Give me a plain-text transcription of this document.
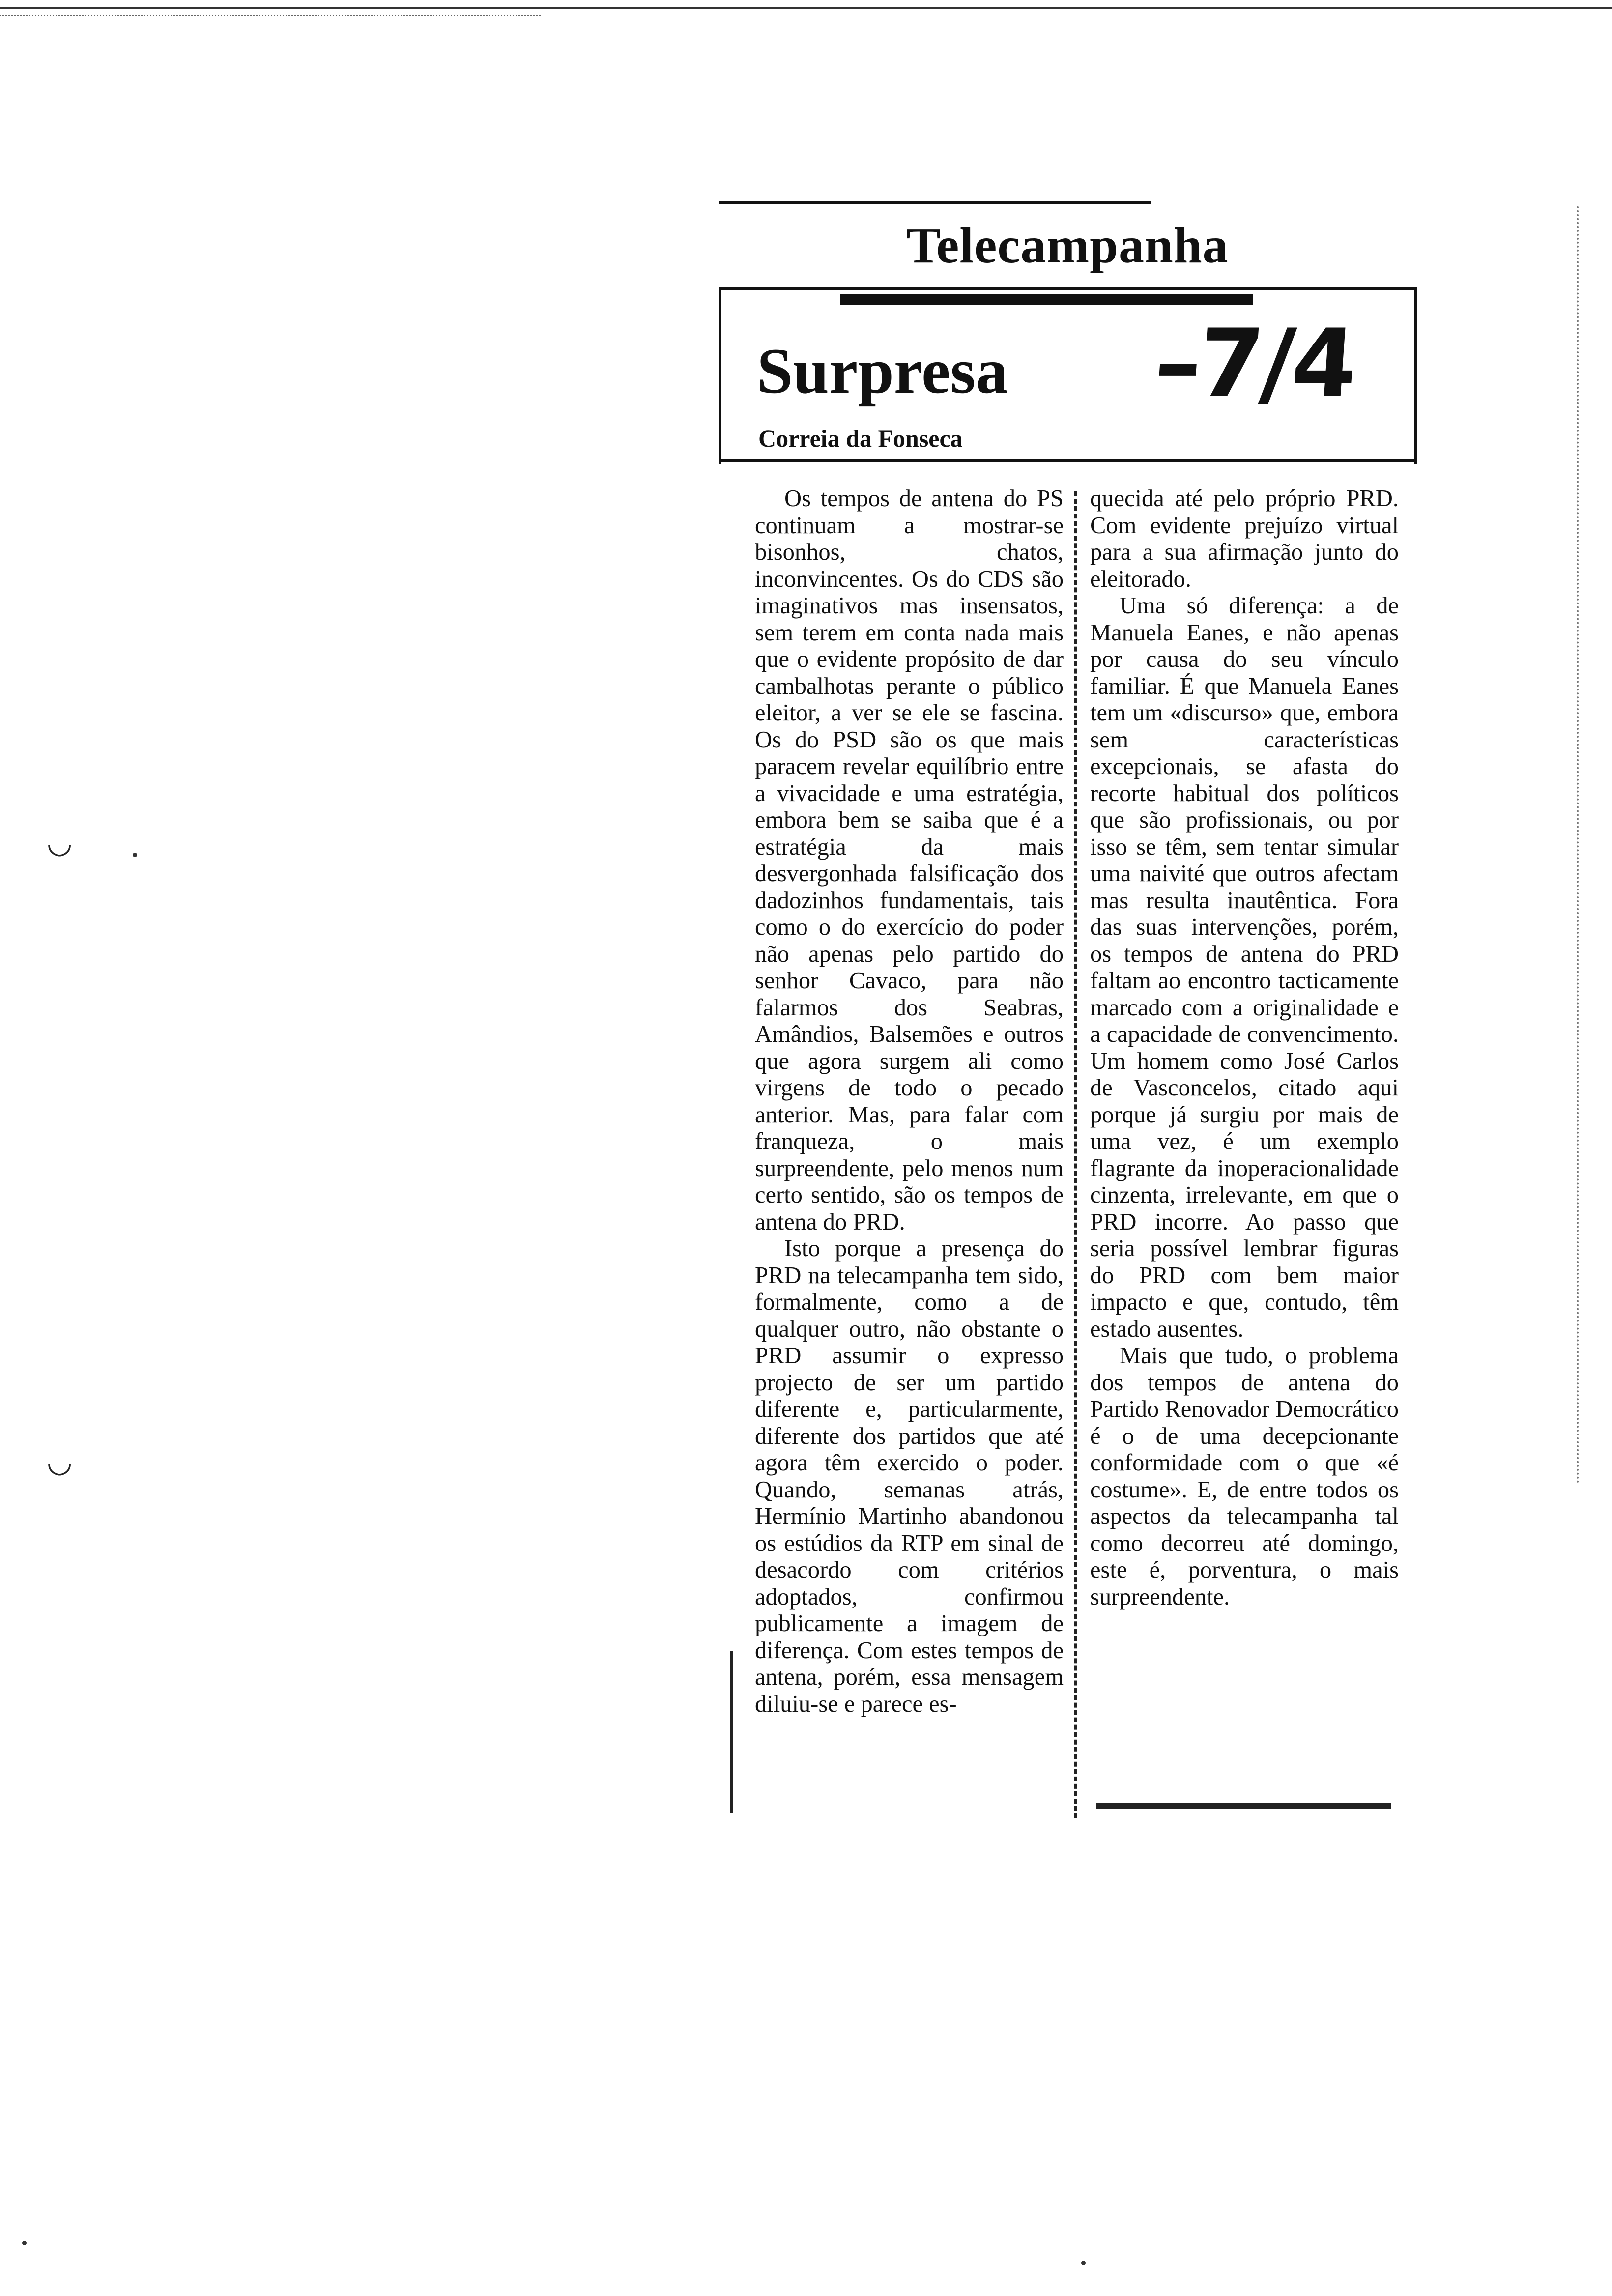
Telecampanha
Surpresa –7/4
Correia da Fonseca

Os tempos de antena do PS continuam a mostrar-se bisonhos, chatos, inconvincentes. Os do CDS são imaginativos mas insensatos, sem terem em conta nada mais que o evidente propósito de dar cambalhotas perante o público eleitor, a ver se ele se fascina. Os do PSD são os que mais paracem revelar equilíbrio entre a vivacidade e uma estratégia, embora bem se saiba que é a estratégia da mais desvergonhada falsificação dos dadozinhos fundamentais, tais como o do exercício do poder não apenas pelo partido do senhor Cavaco, para não falarmos dos Seabras, Amândios, Balsemões e outros que agora surgem ali como virgens de todo o pecado anterior. Mas, para falar com franqueza, o mais surpreendente, pelo menos num certo sentido, são os tempos de antena do PRD.

Isto porque a presença do PRD na telecampanha tem sido, formalmente, como a de qualquer outro, não obstante o PRD assumir o expresso projecto de ser um partido diferente e, particularmente, diferente dos partidos que até agora têm exercido o poder. Quando, semanas atrás, Hermínio Martinho abandonou os estúdios da RTP em sinal de desacordo com critérios adoptados, confirmou publicamente a imagem de diferença. Com estes tempos de antena, porém, essa mensagem diluiu-se e parece es-

quecida até pelo próprio PRD. Com evidente prejuízo virtual para a sua afirmação junto do eleitorado.

Uma só diferença: a de Manuela Eanes, e não apenas por causa do seu vínculo familiar. É que Manuela Eanes tem um «discurso» que, embora sem características excepcionais, se afasta do recorte habitual dos políticos que são profissionais, ou por isso se têm, sem tentar simular uma naivité que outros afectam mas resulta inautêntica. Fora das suas intervenções, porém, os tempos de antena do PRD faltam ao encontro tacticamente marcado com a originalidade e a capacidade de convencimento. Um homem como José Carlos de Vasconcelos, citado aqui porque já surgiu por mais de uma vez, é um exemplo flagrante da inoperacionalidade cinzenta, irrelevante, em que o PRD incorre. Ao passo que seria possível lembrar figuras do PRD com bem maior impacto e que, contudo, têm estado ausentes.

Mais que tudo, o problema dos tempos de antena do Partido Renovador Democrático é o de uma decepcionante conformidade com o que «é costume». E, de entre todos os aspectos da telecampanha tal como decorreu até domingo, este é, porventura, o mais surpreendente.

◡
◡
